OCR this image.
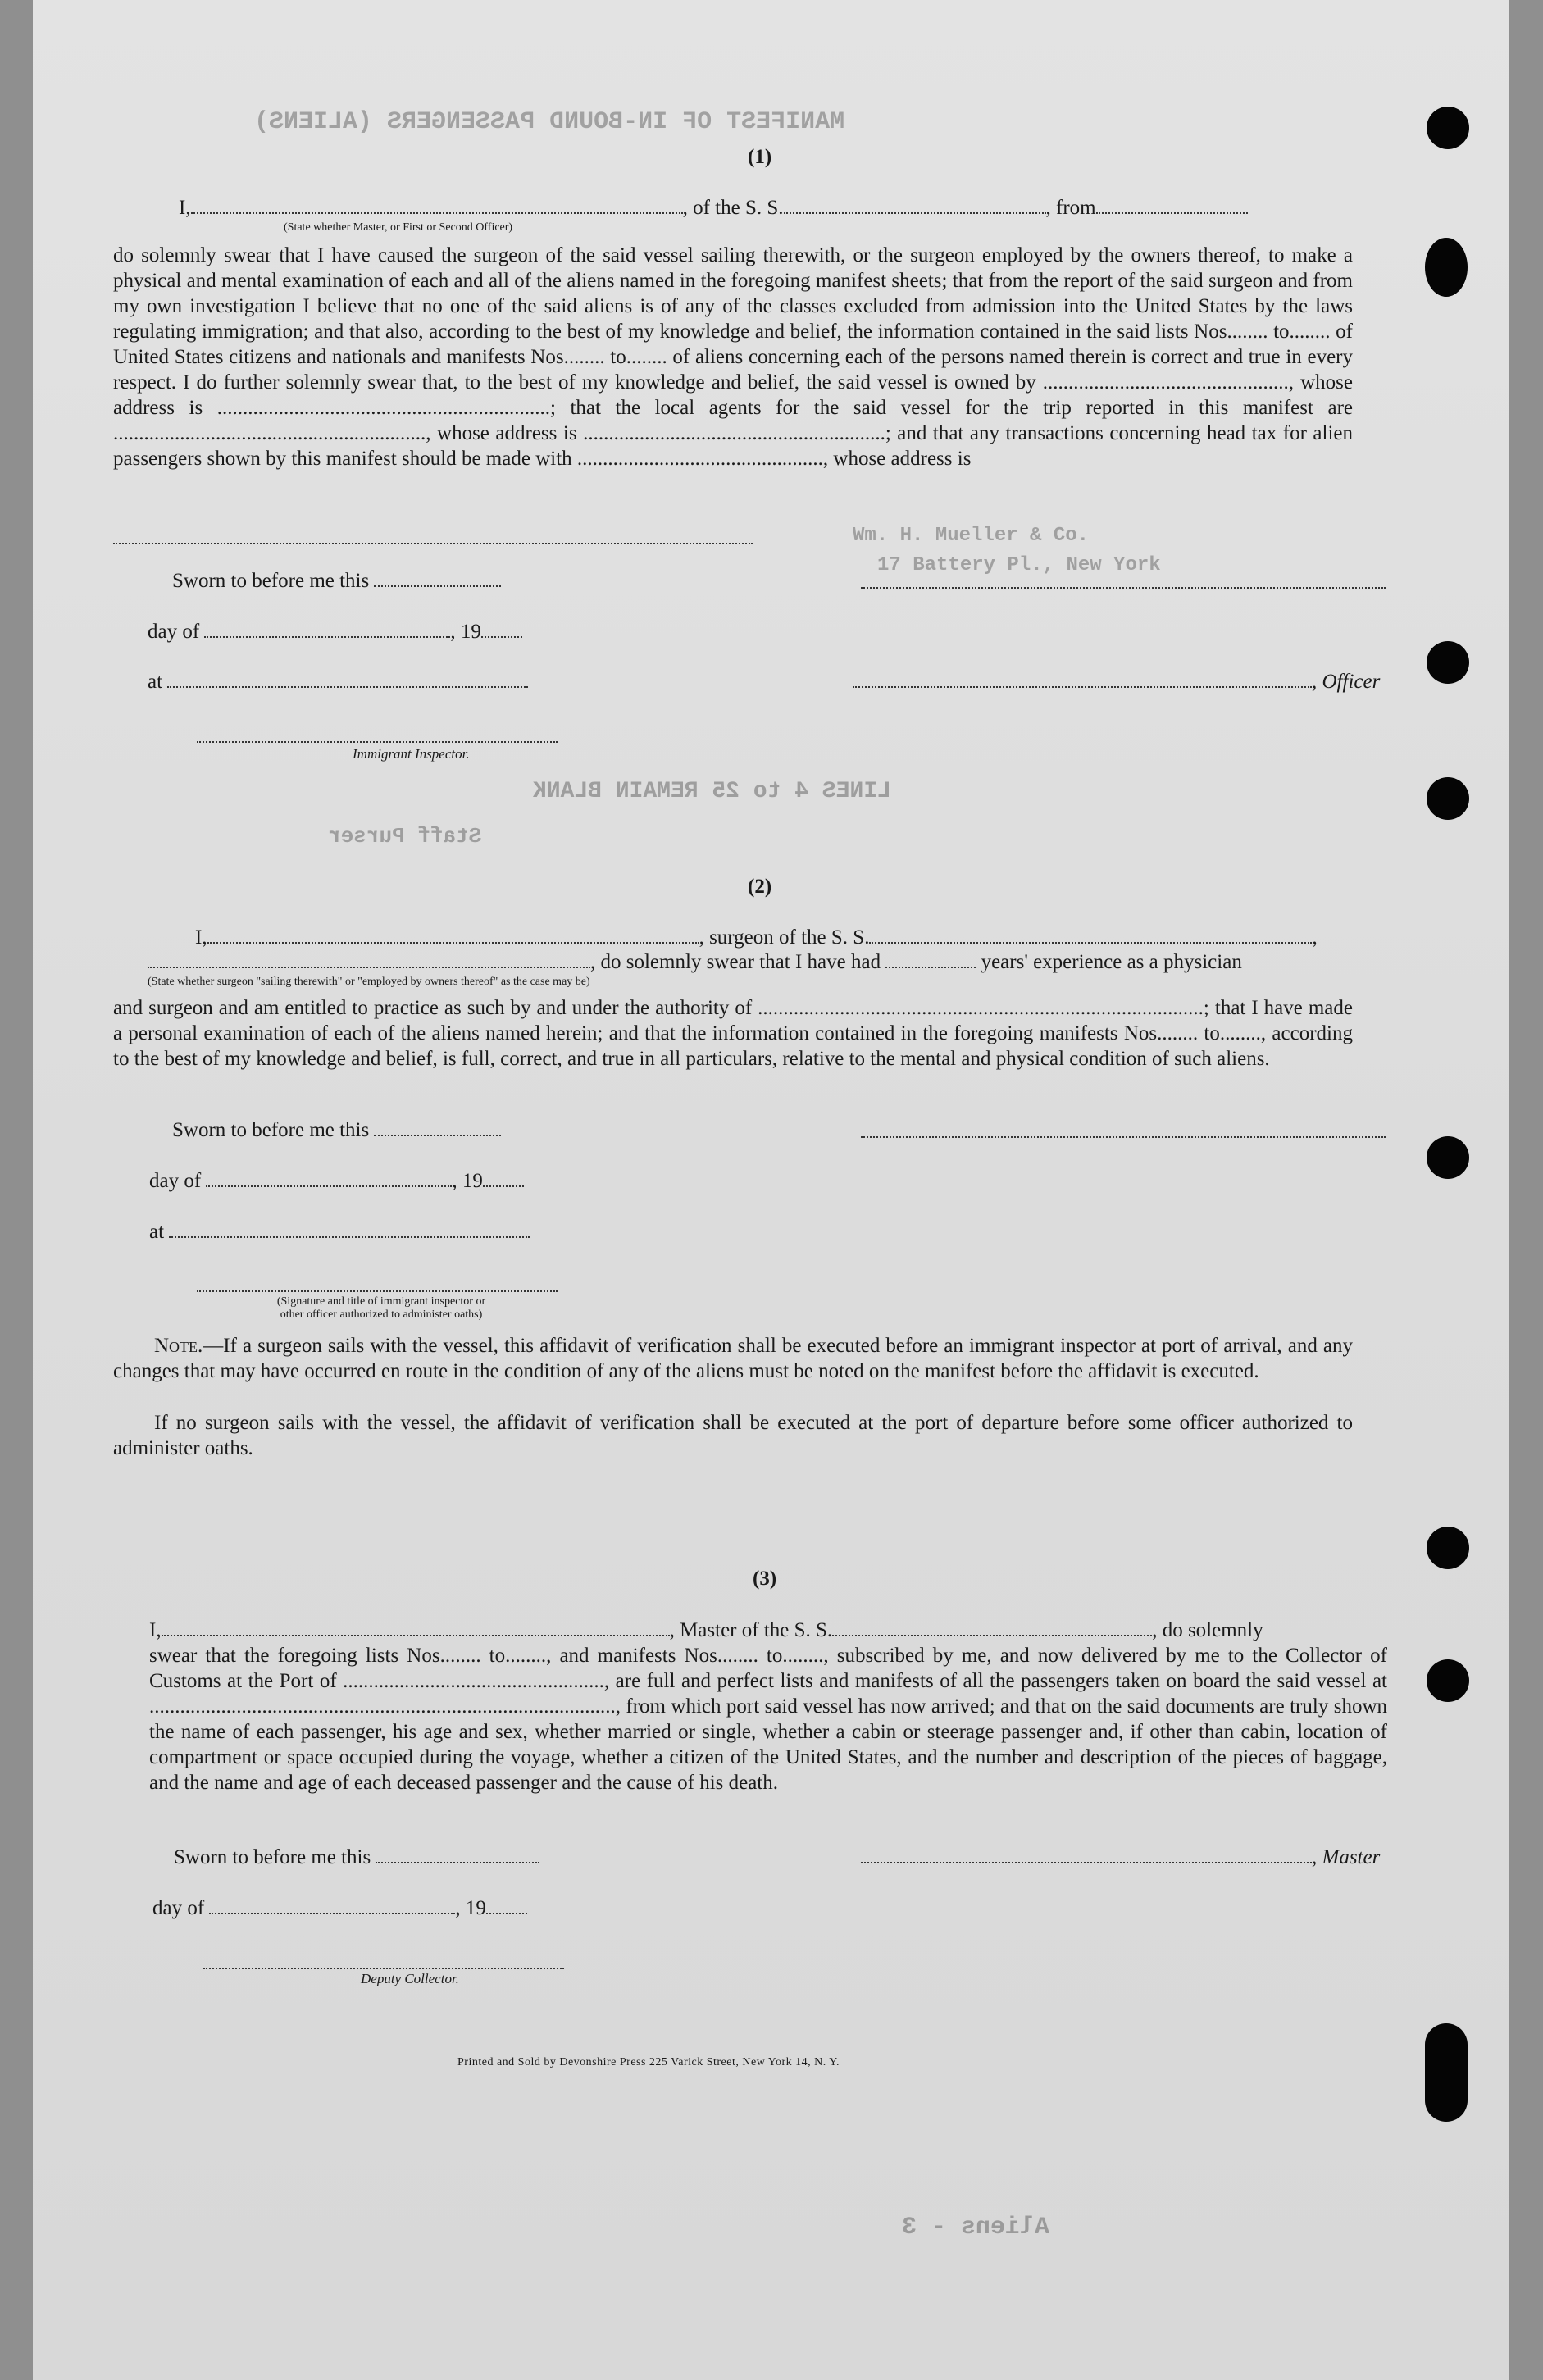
MANIFEST OF IN-BOUND PASSENGERS (ALIENS)
LINES 4 to 25 REMAIN BLANK
Staff Purser
Aliens - 3
Wm. H. Mueller & Co.
17 Battery Pl., New York
(1)
I,	, of the S. S.	, from
(State whether Master, or First or Second Officer)
do solemnly swear that I have caused the surgeon of the said vessel sailing therewith, or the surgeon employed by the owners thereof, to make a physical and mental examination of each and all of the aliens named in the foregoing manifest sheets; that from the report of the said surgeon and from my own investigation I believe that no one of the said aliens is of any of the classes excluded from admission into the United States by the laws regulating immigration; and that also, according to the best of my knowledge and belief, the information contained in the said lists Nos........ to........ of United States citizens and nationals and manifests Nos........ to........ of aliens concerning each of the persons named therein is correct and true in every respect. I do further solemnly swear that, to the best of my knowledge and belief, the said vessel is owned by ................................................, whose address is .................................................................; that the local agents for the said vessel for the trip reported in this manifest are ............................................................., whose address is ...........................................................; and that any transactions concerning head tax for alien passengers shown by this manifest should be made with ................................................, whose address is
Sworn to before me this
day of	, 19
at	, Officer
Immigrant Inspector.
(2)
I,	, surgeon of the S. S.	,
, do solemnly swear that I have had	years' experience as a physician
(State whether surgeon "sailing therewith" or "employed by owners thereof" as the case may be)
and surgeon and am entitled to practice as such by and under the authority of .......................................................................................; that I have made a personal examination of each of the aliens named herein; and that the information contained in the foregoing manifests Nos........ to........, according to the best of my knowledge and belief, is full, correct, and true in all particulars, relative to the mental and physical condition of such aliens.
Sworn to before me this
day of	, 19
at
(Signature and title of immigrant inspector or
other officer authorized to administer oaths)
Note.—If a surgeon sails with the vessel, this affidavit of verification shall be executed before an immigrant inspector at port of arrival, and any changes that may have occurred en route in the condition of any of the aliens must be noted on the manifest before the affidavit is executed.
If no surgeon sails with the vessel, the affidavit of verification shall be executed at the port of departure before some officer authorized to administer oaths.
(3)
I,	, Master of the S. S.	, do solemnly
swear that the foregoing lists Nos........ to........, and manifests Nos........ to........, subscribed by me, and now delivered by me to the Collector of Customs at the Port of ..................................................., are full and perfect lists and manifests of all the passengers taken on board the said vessel at ..........................................................................................., from which port said vessel has now arrived; and that on the said documents are truly shown the name of each passenger, his age and sex, whether married or single, whether a cabin or steerage passenger and, if other than cabin, location of compartment or space occupied during the voyage, whether a citizen of the United States, and the number and description of the pieces of baggage, and the name and age of each deceased passenger and the cause of his death.
Sworn to before me this	, Master
day of	, 19
Deputy Collector.
Printed and Sold by Devonshire Press 225 Varick Street, New York 14, N. Y.
